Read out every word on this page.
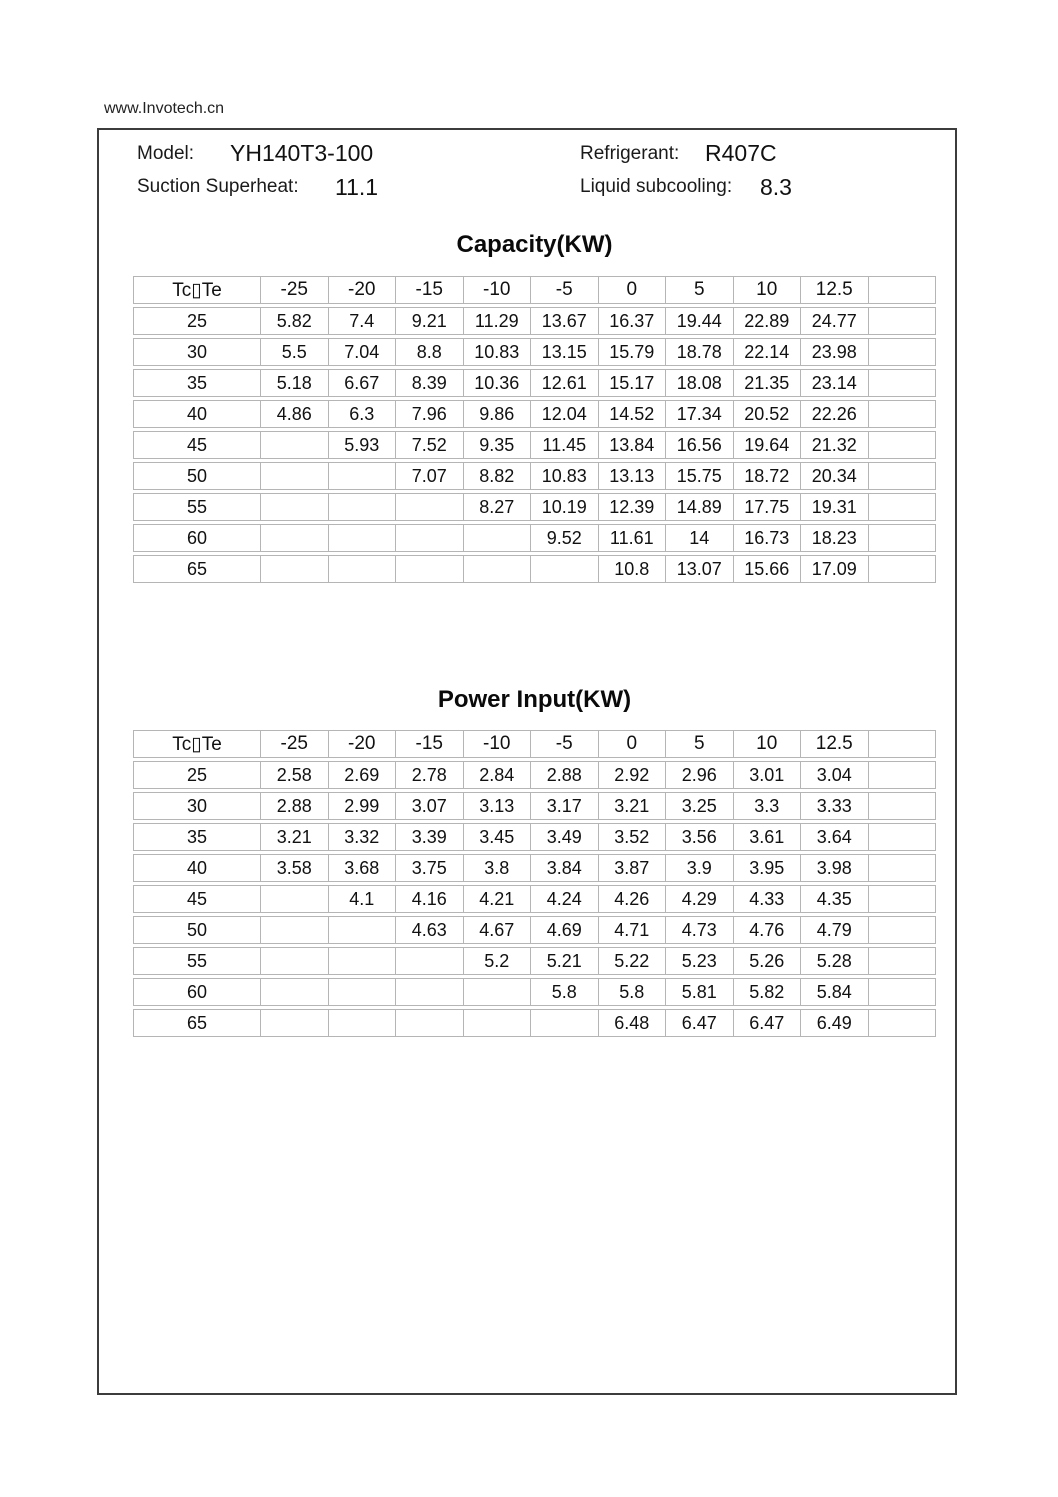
www.Invotech.cn
Model: YH140T3-100	Refrigerant: R407C
Suction Superheat: 11.1	Liquid subcooling: 8.3
Capacity(KW)
Tc▯Te	-25	-20	-15	-10	-5	0	5	10	12.5	
25	5.82	7.4	9.21	11.29	13.67	16.37	19.44	22.89	24.77	
30	5.5	7.04	8.8	10.83	13.15	15.79	18.78	22.14	23.98	
35	5.18	6.67	8.39	10.36	12.61	15.17	18.08	21.35	23.14	
40	4.86	6.3	7.96	9.86	12.04	14.52	17.34	20.52	22.26	
45		5.93	7.52	9.35	11.45	13.84	16.56	19.64	21.32	
50			7.07	8.82	10.83	13.13	15.75	18.72	20.34	
55				8.27	10.19	12.39	14.89	17.75	19.31	
60					9.52	11.61	14	16.73	18.23	
65						10.8	13.07	15.66	17.09	
Power Input(KW)
Tc▯Te	-25	-20	-15	-10	-5	0	5	10	12.5	
25	2.58	2.69	2.78	2.84	2.88	2.92	2.96	3.01	3.04	
30	2.88	2.99	3.07	3.13	3.17	3.21	3.25	3.3	3.33	
35	3.21	3.32	3.39	3.45	3.49	3.52	3.56	3.61	3.64	
40	3.58	3.68	3.75	3.8	3.84	3.87	3.9	3.95	3.98	
45		4.1	4.16	4.21	4.24	4.26	4.29	4.33	4.35	
50			4.63	4.67	4.69	4.71	4.73	4.76	4.79	
55				5.2	5.21	5.22	5.23	5.26	5.28	
60					5.8	5.8	5.81	5.82	5.84	
65						6.48	6.47	6.47	6.49	
